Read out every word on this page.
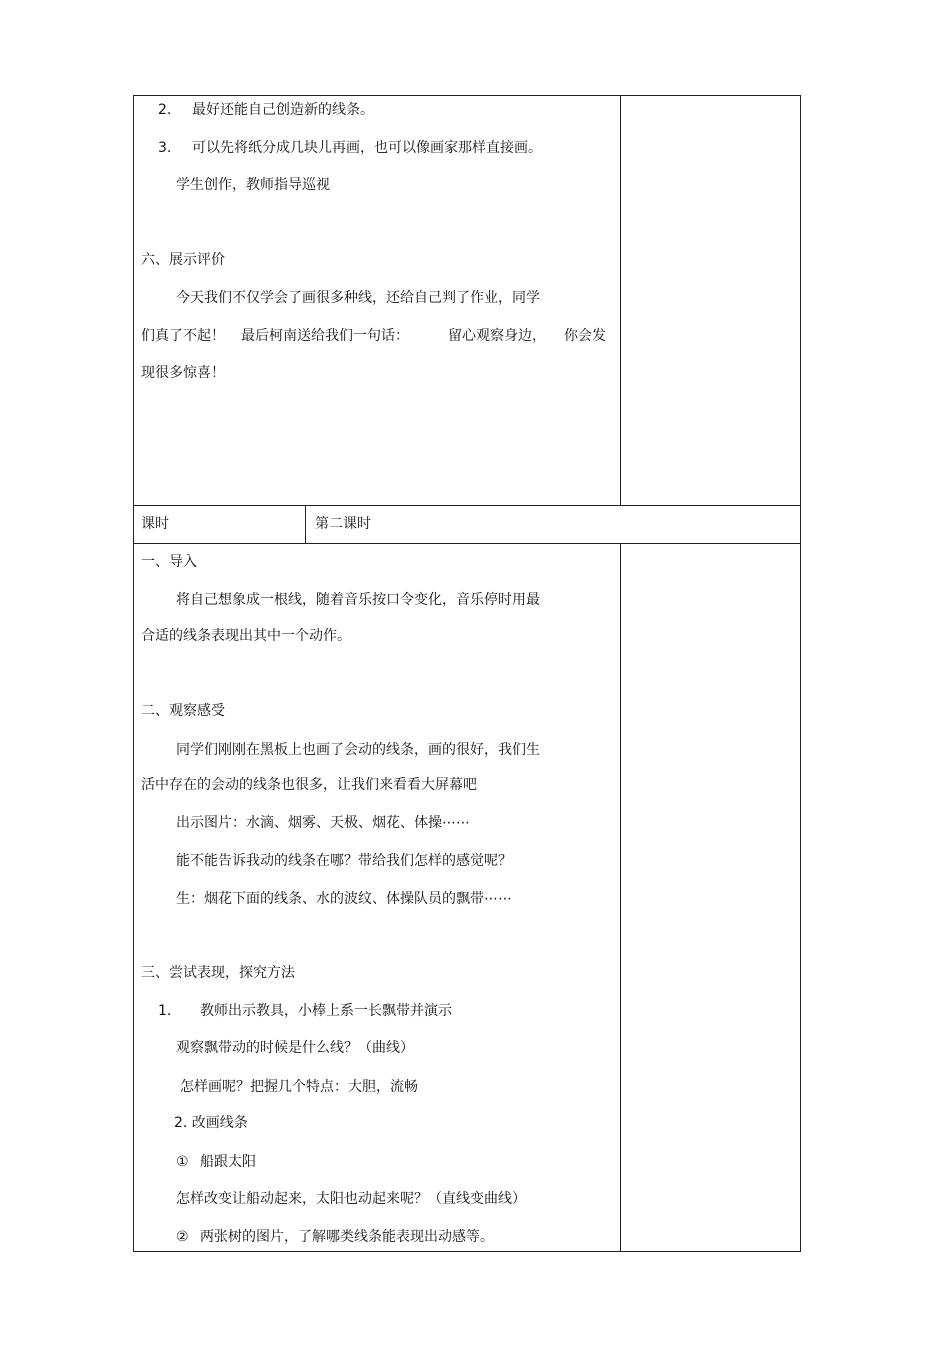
2. 最好还能自己创造新的线条。
3. 可以先将纸分成几块儿再画，也可以像画家那样直接画。
学生创作，教师指导巡视
六、展示评价
今天我们不仅学会了画很多种线，还给自己判了作业，同学
们真了不起！ 最后柯南送给我们一句话：	留心观察身边， 你会发
现很多惊喜！
课时	第二课时
一、导入
将自己想象成一根线，随着音乐按口令变化，音乐停时用最
合适的线条表现出其中一个动作。
二、观察感受
同学们刚刚在黑板上也画了会动的线条，画的很好，我们生
活中存在的会动的线条也很多，让我们来看看大屏幕吧
出示图片：水滴、烟雾、天极、烟花、体操⋯⋯
能不能告诉我动的线条在哪？带给我们怎样的感觉呢？
生：烟花下面的线条、水的波纹、体操队员的飘带⋯⋯
三、尝试表现，探究方法
1. 教师出示教具，小棒上系一长飘带并演示
观察飘带动的时候是什么线？（曲线）
怎样画呢？把握几个特点：大胆，流畅
2. 改画线条
① 船跟太阳
怎样改变让船动起来，太阳也动起来呢？（直线变曲线）
② 两张树的图片，了解哪类线条能表现出动感等。
